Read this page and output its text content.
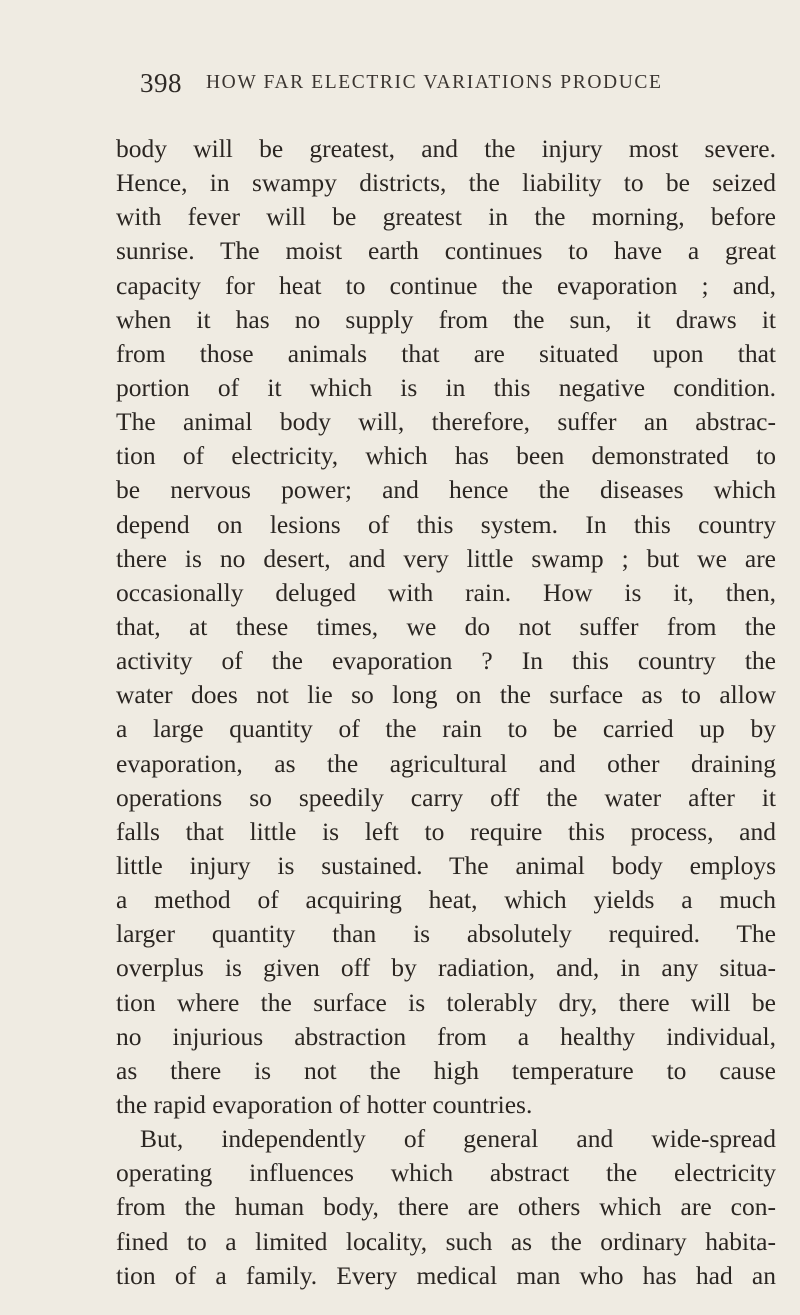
398 HOW FAR ELECTRIC VARIATIONS PRODUCE
body will be greatest, and the injury most severe.
Hence, in swampy districts, the liability to be seized
with fever will be greatest in the morning, before
sunrise. The moist earth continues to have a great
capacity for heat to continue the evaporation ; and,
when it has no supply from the sun, it draws it
from those animals that are situated upon that
portion of it which is in this negative condition.
The animal body will, therefore, suffer an abstrac-
tion of electricity, which has been demonstrated to
be nervous power; and hence the diseases which
depend on lesions of this system. In this country
there is no desert, and very little swamp ; but we are
occasionally deluged with rain. How is it, then,
that, at these times, we do not suffer from the
activity of the evaporation ? In this country the
water does not lie so long on the surface as to allow
a large quantity of the rain to be carried up by
evaporation, as the agricultural and other draining
operations so speedily carry off the water after it
falls that little is left to require this process, and
little injury is sustained. The animal body employs
a method of acquiring heat, which yields a much
larger quantity than is absolutely required. The
overplus is given off by radiation, and, in any situa-
tion where the surface is tolerably dry, there will be
no injurious abstraction from a healthy individual,
as there is not the high temperature to cause
the rapid evaporation of hotter countries.
But, independently of general and wide-spread
operating influences which abstract the electricity
from the human body, there are others which are con-
fined to a limited locality, such as the ordinary habita-
tion of a family. Every medical man who has had an
